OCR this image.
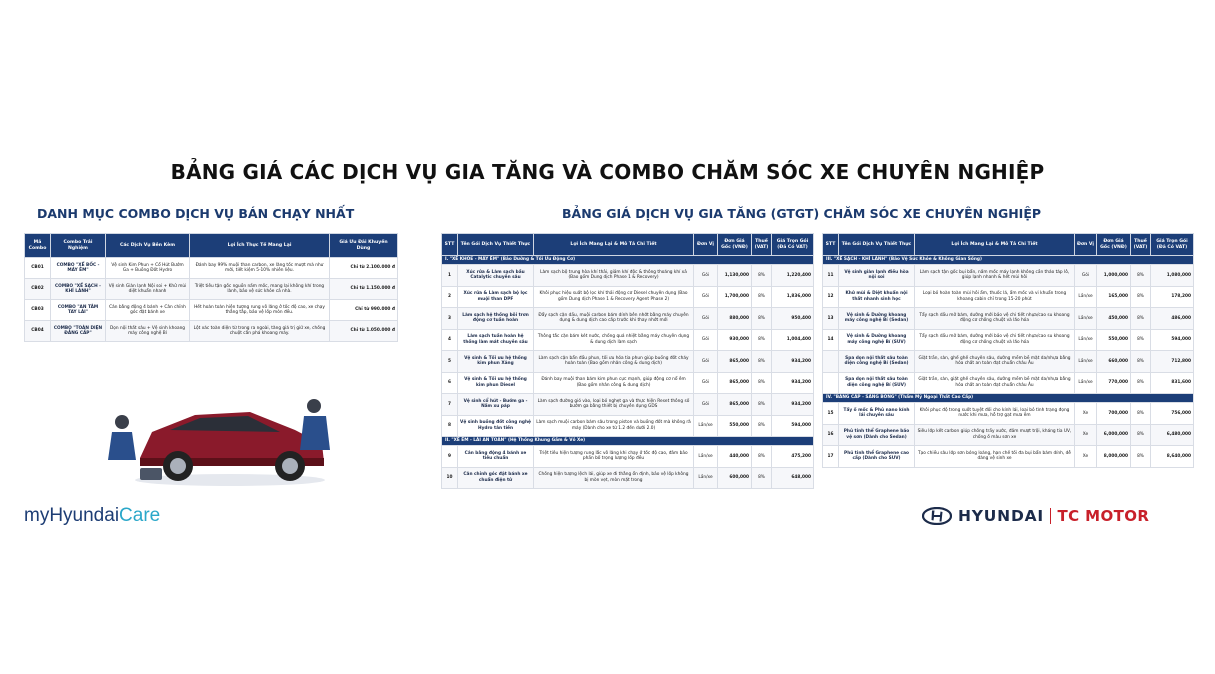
BẢNG GIÁ CÁC DỊCH VỤ GIA TĂNG VÀ COMBO CHĂM SÓC XE CHUYÊN NGHIỆP
DANH MỤC COMBO DỊCH VỤ BÁN CHẠY NHẤT	BẢNG GIÁ DỊCH VỤ GIA TĂNG (GTGT) CHĂM SÓC XE CHUYÊN NGHIỆP
Mã Combo	Combo Trải Nghiệm	Các Dịch Vụ Bên Kèm	Lợi Ích Thực Tế Mang Lại	Giá Ưu Đãi Khuyến Dùng
CB01	COMBO "XẾ BỐC - MÁY ÊM"	Vệ sinh Kim Phun + Cổ Hút Bướm Ga + Buồng Đốt Hydro	Đánh bay 99% muội than carbon, xe lăng tốc mượt mà như mới, tiết kiệm 5-10% nhiên liệu.	Chỉ từ 2.100.000 đ
CB02	COMBO "XẾ SẠCH - KHÍ LÀNH"	Vệ sinh Giàn lạnh Nội soi + Khử mùi diệt khuẩn nhanh	Triệt tiêu tận gốc nguồn nấm mốc, mang lại không khí trong lành, bảo vệ sức khỏe cả nhà.	Chỉ từ 1.150.000 đ
CB03	COMBO "AN TÂM TAY LÁI"	Cân bằng động 4 bánh + Cân chỉnh góc đặt bánh xe	Hết hoàn toàn hiện tượng rung vô lăng ở tốc độ cao, xe chạy thẳng tắp, bảo vệ lốp mòn đều.	Chỉ từ 990.000 đ
CB04	COMBO "TOÀN DIỆN ĐẲNG CẤP"	Dọn nội thất sâu + Vệ sinh khoang máy công nghệ Bí	Lột xác toàn diện từ trong ra ngoài, tăng giá trị giữ xe, chống chuột cắn phá khoang máy.	Chỉ từ 1.050.000 đ
STT	Tên Gói Dịch Vụ Thiết Thực	Lợi Ích Mang Lại & Mô Tả Chi Tiết	Đơn Vị	Đơn Giá Gốc (VNĐ)	Thuế (VAT)	Giá Trọn Gói (Đã Có VAT)
I. "XẾ KHỎE - MÁY ÊM" (Bảo Dưỡng & Tối Ưu Động Cơ)						
1	Xúc rửa & Làm sạch bầu Catalytic chuyên sâu	Làm sạch bộ trung hòa khí thải, giảm khí độc & thông thoáng khí xả (Bao gồm Dung dịch Phase 1 & Recovery)	Gói	1,130,000	8%	1,220,400
2	Xúc rửa & Làm sạch bộ lọc muội than DPF	Khôi phục hiệu suất bộ lọc khí thải động cơ Diesel chuyên dụng (Bao gồm Dung dịch Phase 1 & Recovery Agent Phase 2)	Gói	1,700,000	8%	1,836,000
3	Làm sạch hệ thống bôi trơn động cơ tuần hoàn	Đẩy sạch cặn dầu, muội carbon bám dính bên nhớt bằng máy chuyên dụng & dung dịch cao cấp trước khi thay nhớt mới	Gói	880,000	8%	950,400
4	Làm sạch tuần hoàn hệ thống làm mát chuyên sâu	Thông tắc cặn bám két nước, chống quá nhiệt bằng máy chuyên dụng & dung dịch làm sạch	Gói	930,000	8%	1,004,400
5	Vệ sinh & Tối ưu hệ thống kim phun Xăng	Làm sạch cặn bẩn đầu phun, tối ưu hóa tia phun giúp buồng đốt cháy hoàn toàn (Bao gồm nhân công & dung dịch)	Gói	865,000	8%	934,200
6	Vệ sinh & Tối ưu hệ thống kim phun Diesel	Đánh bay muội than bám kim phun cực mạnh, giúp động cơ nổ êm (Bao gồm nhân công & dung dịch)	Gói	865,000	8%	934,200
7	Vệ sinh cổ hút - Bướm ga - Nấm xu páp	Làm sạch đường gió vào, loại bỏ nghẹt ga và thực hiện Reset thông số bướm ga bằng thiết bị chuyên dụng GDS	Gói	865,000	8%	934,200
8	Vệ sinh buồng đốt công nghệ Hydro tân tiến	Làm sạch muội carbon bám sâu trong piston và buồng đốt mà không rã máy (Dành cho xe từ 1.2 đến dưới 2.0)	Lần/xe	550,000	8%	594,000
II. "XẾ ÊM - LÁI AN TOÀN" (Hệ Thống Khung Gầm & Vỏ Xe)						
9	Cân bằng động 4 bánh xe tiêu chuẩn	Triệt tiêu hiện tượng rung lắc vô lăng khi chạy ở tốc độ cao, đảm bảo phần bố trọng lượng lốp đều	Lần/xe	440,000	8%	475,200
10	Cân chỉnh góc đặt bánh xe chuẩn điện tử	Chống hiện tượng lệch lái, giúp xe đi thẳng ổn định, bảo vệ lốp không bị mòn vẹt, mòn mặt trong	Lần/xe	600,000	8%	648,000
STT	Tên Gói Dịch Vụ Thiết Thực	Lợi Ích Mang Lại & Mô Tả Chi Tiết	Đơn Vị	Đơn Giá Gốc (VNĐ)	Thuế (VAT)	Giá Trọn Gói (Đã Có VAT)
III. "XẾ SẠCH - KHÍ LÀNH" (Bảo Vệ Sức Khỏe & Không Gian Sống)						
11	Vệ sinh giàn lạnh điều hòa nội soi	Làm sạch tận gốc bụi bẩn, nấm mốc máy lạnh không cần tháo táp lô, giúp lạnh nhanh & hết mùi hôi	Gói	1,000,000	8%	1,080,000
12	Khử mùi & Diệt khuẩn nội thất nhanh sinh học	Loại bỏ hoàn toàn mùi hôi ẩm, thuốc lá, ẩm mốc và vi khuẩn trong khoang cabin chỉ trong 15-20 phút	Lần/xe	165,000	8%	178,200
13	Vệ sinh & Dưỡng khoang máy công nghệ Bí (Sedan)	Tẩy sạch dầu mỡ bám, dưỡng mới bảo vệ chi tiết nhựa/cao su khoang động cơ chống chuột và lão hóa	Lần/xe	450,000	8%	486,000
14	Vệ sinh & Dưỡng khoang máy công nghệ Bí (SUV)	Tẩy sạch dầu mỡ bám, dưỡng mới bảo vệ chi tiết nhựa/cao su khoang động cơ chống chuột và lão hóa	Lần/xe	550,000	8%	594,000
	Spa dọn nội thất sâu toàn diện công nghệ Bí (Sedan)	Giặt trần, sàn, ghế ghế chuyên sâu, dưỡng mềm bề mặt da/nhựa bằng hóa chất an toàn đạt chuẩn châu Âu	Lần/xe	660,000	8%	712,800
	Spa dọn nội thất sâu toàn diện công nghệ Bí (SUV)	Giặt trần, sàn, giặt ghế chuyên sâu, dưỡng mềm bề mặt da/nhựa bằng hóa chất an toàn đạt chuẩn châu Âu	Lần/xe	770,000	8%	831,600
IV. "BẢNG CẤP - SÁNG BÓNG" (Thẩm Mỹ Ngoại Thất Cao Cấp)						
15	Tẩy ố mốc & Phủ nano kính lái chuyên sâu	Khôi phục độ trong suốt tuyệt đối cho kính lái, loại bỏ tình trạng đọng nước khi mưa, hỗ trợ gạt mưa êm	Xe	700,000	8%	756,000
16	Phủ tinh thể Graphene bảo vệ sơn (Dành cho Sedan)	Siêu lớp kết carbon giúp chống trầy xước, đảm mượt trội, kháng tia UV, chống ố màu sơn xe	Xe	6,000,000	8%	6,480,000
17	Phủ tinh thể Graphene cao cấp (Dành cho SUV)	Tạo chiều sâu lớp sơn bóng loáng, hạn chế tối đa bụi bẩn bám dính, dễ dàng vệ sinh xe	Xe	8,000,000	8%	8,640,000
myHyundaiCare	HYUNDAI TC MOTOR
